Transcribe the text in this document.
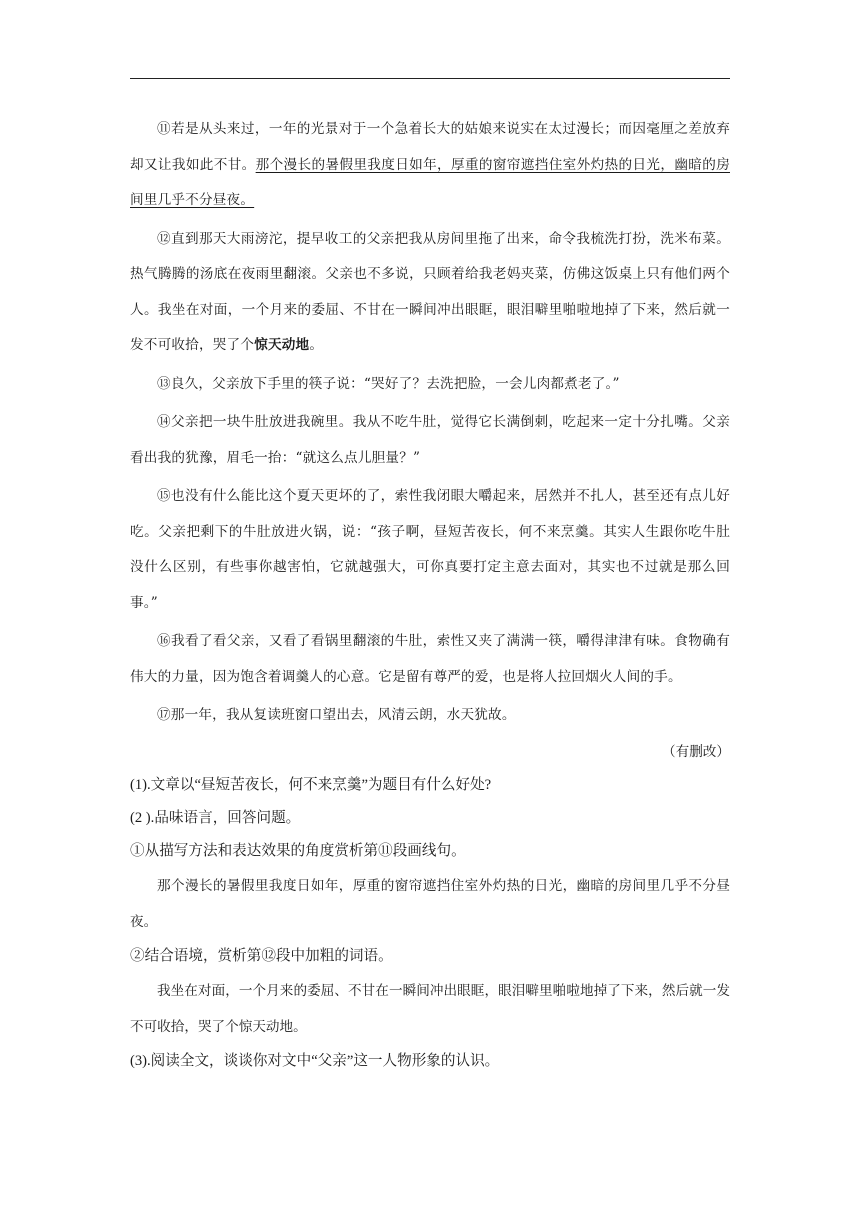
⑪若是从头来过，一年的光景对于一个急着长大的姑娘来说实在太过漫长；而因毫厘之差放弃却又让我如此不甘。那个漫长的暑假里我度日如年，厚重的窗帘遮挡住室外灼热的日光，幽暗的房间里几乎不分昼夜。

⑫直到那天大雨滂沱，提早收工的父亲把我从房间里拖了出来，命令我梳洗打扮，洗米布菜。热气腾腾的汤底在夜雨里翻滚。父亲也不多说，只顾着给我老妈夹菜，仿佛这饭桌上只有他们两个人。我坐在对面，一个月来的委屈、不甘在一瞬间冲出眼眶，眼泪噼里啪啦地掉了下来，然后就一发不可收拾，哭了个惊天动地。

⑬良久，父亲放下手里的筷子说：“哭好了？去洗把脸，一会儿肉都煮老了。”

⑭父亲把一块牛肚放进我碗里。我从不吃牛肚，觉得它长满倒刺，吃起来一定十分扎嘴。父亲看出我的犹豫，眉毛一抬：“就这么点儿胆量？”

⑮也没有什么能比这个夏天更坏的了，索性我闭眼大嚼起来，居然并不扎人，甚至还有点儿好吃。父亲把剩下的牛肚放进火锅，说：“孩子啊，昼短苦夜长，何不来烹羹。其实人生跟你吃牛肚没什么区别，有些事你越害怕，它就越强大，可你真要打定主意去面对，其实也不过就是那么回事。”

⑯我看了看父亲，又看了看锅里翻滚的牛肚，索性又夹了满满一筷，嚼得津津有味。食物确有伟大的力量，因为饱含着调羹人的心意。它是留有尊严的爱，也是将人拉回烟火人间的手。

⑰那一年，我从复读班窗口望出去，风清云朗，水天犹故。

（有删改）

(1).文章以“昼短苦夜长，何不来烹羹”为题目有什么好处?

(2 ).品味语言，回答问题。

①从描写方法和表达效果的角度赏析第⑪段画线句。

那个漫长的暑假里我度日如年，厚重的窗帘遮挡住室外灼热的日光，幽暗的房间里几乎不分昼夜。

②结合语境，赏析第⑫段中加粗的词语。

我坐在对面，一个月来的委屈、不甘在一瞬间冲出眼眶，眼泪噼里啪啦地掉了下来，然后就一发不可收拾，哭了个惊天动地。

(3).阅读全文，谈谈你对文中“父亲”这一人物形象的认识。
